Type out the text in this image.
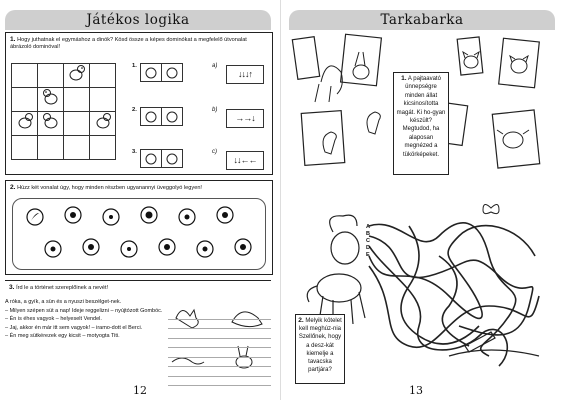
Játékos logika
1. Hogy juthatnak el egymáshoz a dinók? Kösd össze a képes dominókat a megfelelő útvonalat ábrázoló dominóval!

1.	a)
↓↓↓↑
2.	b)
→→↓
3.	c)
↓↓←←
2. Húzz két vonalat úgy, hogy minden részben ugyanannyi üveggolyó legyen!
3. Írd le a történet szereplőinek a nevét!
A róka, a gyík, a sün és a nyuszi beszélget-nek.
– Milyen szépen süt a nap! Ideje reggelizni – nyújtózott Gombóc.
– Én is éhes vagyok – helyeselt Vendel.
– Jaj, akkor én már itt sem vagyok! – iramo-dott el Berci.
– Én meg sütkérezek egy kicsit – motyogta Titi.
12
Tarkabarka
1. A pajtaavató ünnepségre minden állat kicsinosította magát. Ki ho-gyan készült? Megtudod, ha alaposan megnézed a tükörképeket.
A
B
C
D
E
2. Melyik kötelet kell meghúz-nia Szellőnek, hogy a desz-kát kiemelje a tavacska partjára?
13
